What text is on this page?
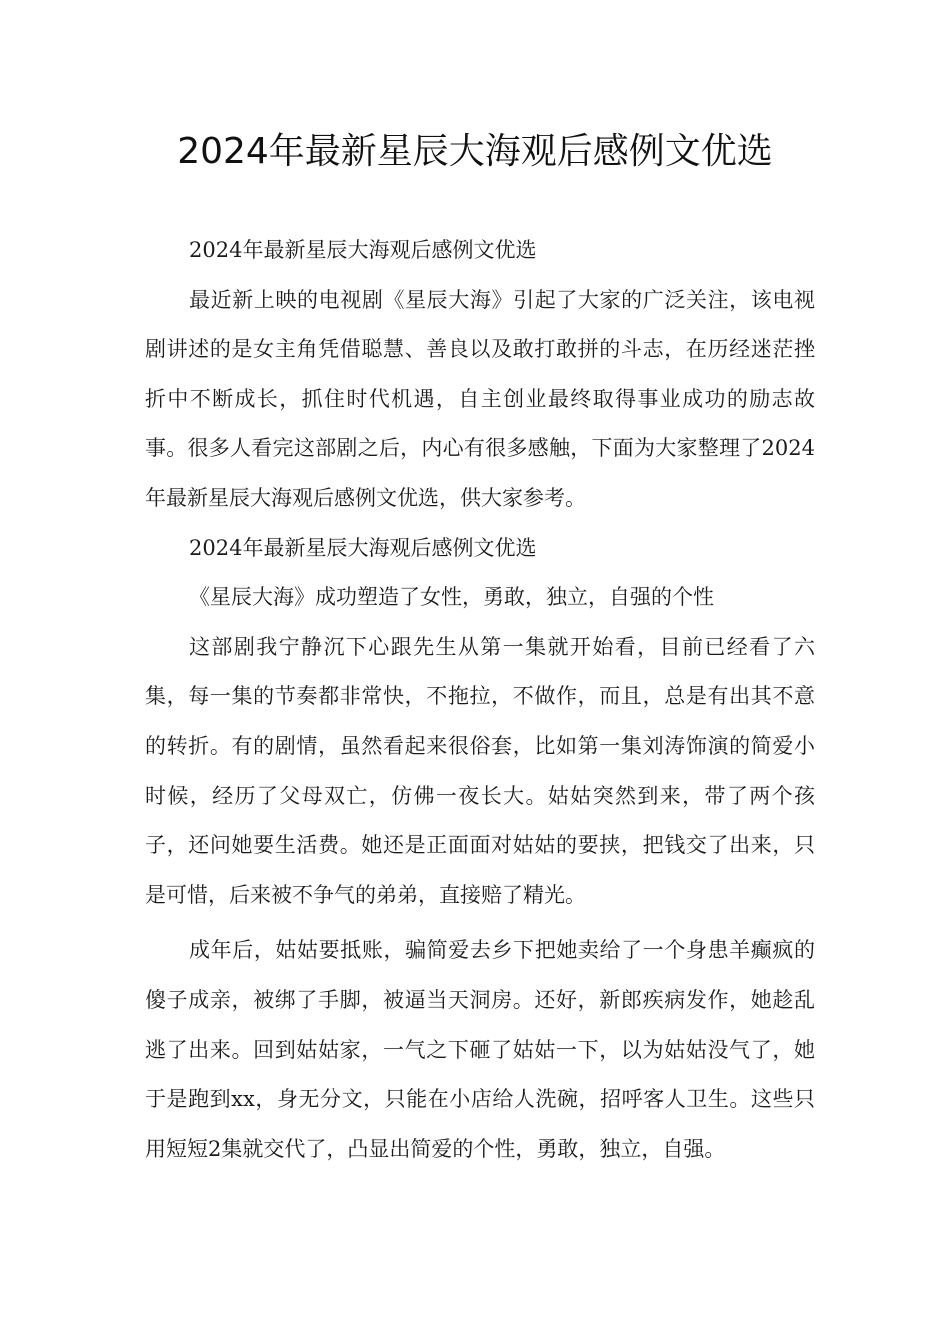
2024年最新星辰大海观后感例文优选

2024年最新星辰大海观后感例文优选

最近新上映的电视剧《星辰大海》引起了大家的广泛关注，该电视剧讲述的是女主角凭借聪慧、善良以及敢打敢拼的斗志，在历经迷茫挫折中不断成长，抓住时代机遇，自主创业最终取得事业成功的励志故事。很多人看完这部剧之后，内心有很多感触，下面为大家整理了2024年最新星辰大海观后感例文优选，供大家参考。

2024年最新星辰大海观后感例文优选

《星辰大海》成功塑造了女性，勇敢，独立，自强的个性

这部剧我宁静沉下心跟先生从第一集就开始看，目前已经看了六集，每一集的节奏都非常快，不拖拉，不做作，而且，总是有出其不意的转折。有的剧情，虽然看起来很俗套，比如第一集刘涛饰演的简爱小时候，经历了父母双亡，仿佛一夜长大。姑姑突然到来，带了两个孩子，还问她要生活费。她还是正面面对姑姑的要挟，把钱交了出来，只是可惜，后来被不争气的弟弟，直接赔了精光。

成年后，姑姑要抵账，骗简爱去乡下把她卖给了一个身患羊癫疯的傻子成亲，被绑了手脚，被逼当天洞房。还好，新郎疾病发作，她趁乱逃了出来。回到姑姑家，一气之下砸了姑姑一下，以为姑姑没气了，她于是跑到xx，身无分文，只能在小店给人洗碗，招呼客人卫生。这些只用短短2集就交代了，凸显出简爱的个性，勇敢，独立，自强。
